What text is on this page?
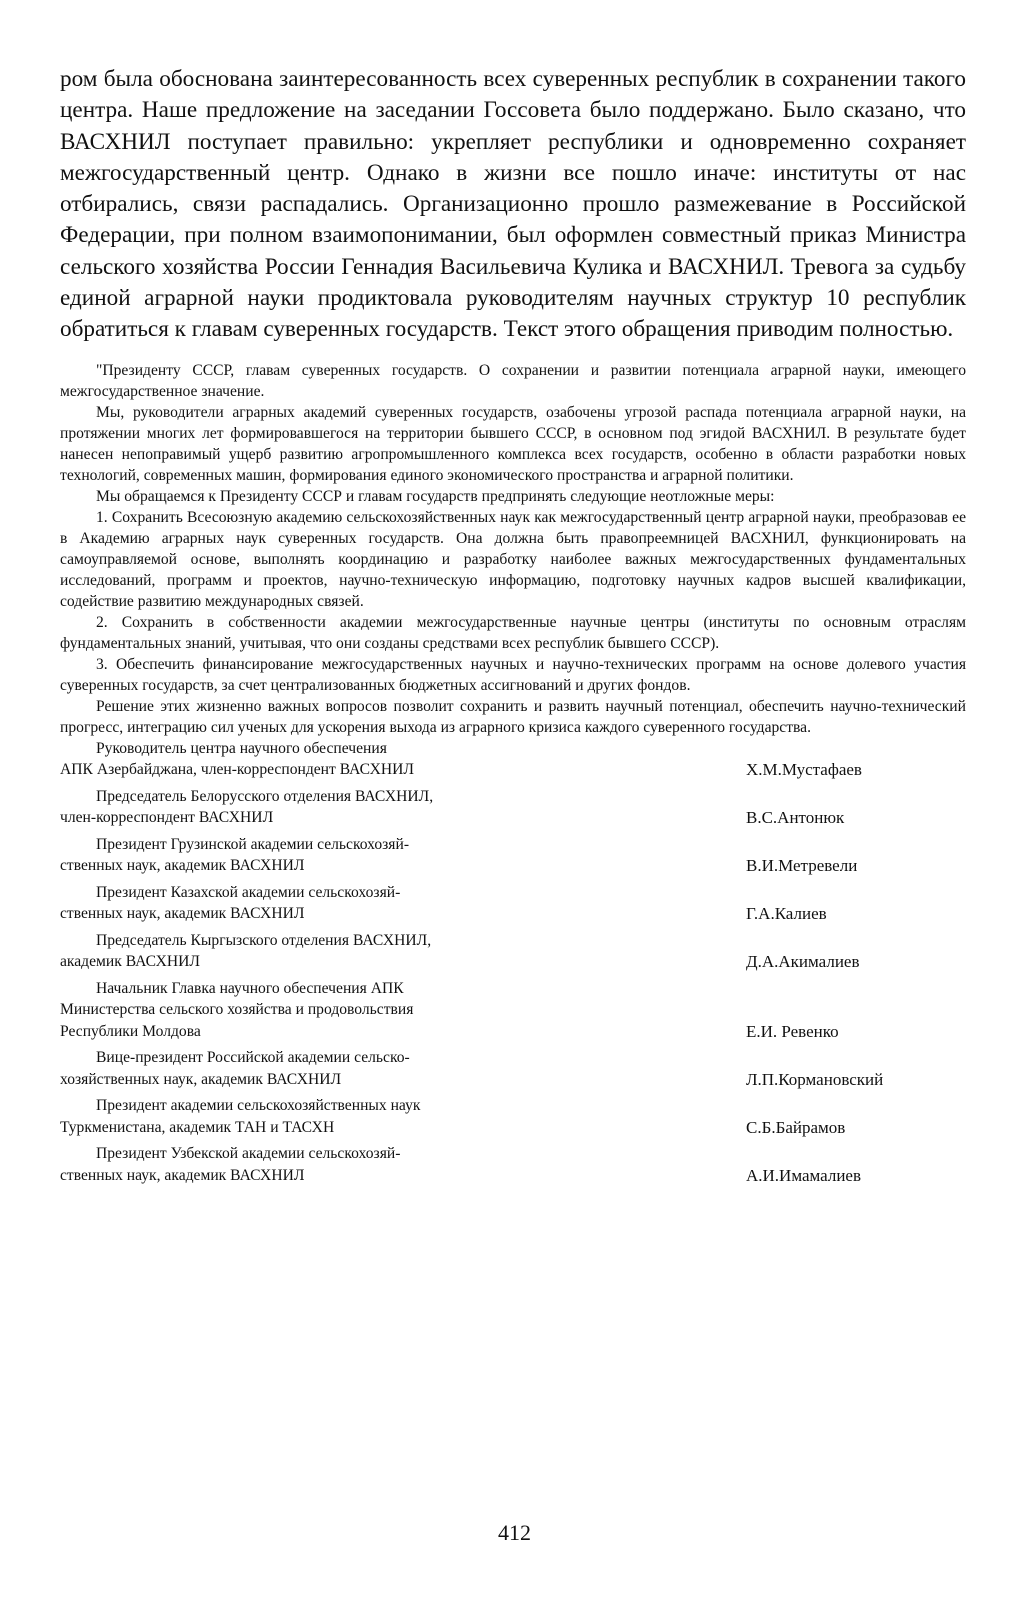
ром была обоснована заинтересованность всех суверенных республик в сохранении такого центра. Наше предложение на заседании Госсовета было поддержано. Было сказано, что ВАСХНИЛ поступает правильно: укрепляет республики и одновременно сохраняет межгосударственный центр. Однако в жизни все пошло иначе: институты от нас отбирались, связи распадались. Организационно прошло размежевание в Российской Федерации, при полном взаимопонимании, был оформлен совместный приказ Министра сельского хозяйства России Геннадия Васильевича Кулика и ВАСХНИЛ. Тревога за судьбу единой аграрной науки продиктовала руководителям научных структур 10 республик обратиться к главам суверенных государств. Текст этого обращения приводим полностью.

"Президенту СССР, главам суверенных государств. О сохранении и развитии потенциала аграрной науки, имеющего межгосударственное значение.

Мы, руководители аграрных академий суверенных государств, озабочены угрозой распада потенциала аграрной науки, на протяжении многих лет формировавшегося на территории бывшего СССР, в основном под эгидой ВАСХНИЛ. В результате будет нанесен непоправимый ущерб развитию агропромышленного комплекса всех государств, особенно в области разработки новых технологий, современных машин, формирования единого экономического пространства и аграрной политики.

Мы обращаемся к Президенту СССР и главам государств предпринять следующие неотложные меры:

1. Сохранить Всесоюзную академию сельскохозяйственных наук как межгосударственный центр аграрной науки, преобразовав ее в Академию аграрных наук суверенных государств. Она должна быть правопреемницей ВАСХНИЛ, функционировать на самоуправляемой основе, выполнять координацию и разработку наиболее важных межгосударственных фундаментальных исследований, программ и проектов, научно-техническую информацию, подготовку научных кадров высшей квалификации, содействие развитию международных связей.

2. Сохранить в собственности академии межгосударственные научные центры (институты по основным отраслям фундаментальных знаний, учитывая, что они созданы средствами всех республик бывшего СССР).

3. Обеспечить финансирование межгосударственных научных и научно-технических программ на основе долевого участия суверенных государств, за счет централизованных бюджетных ассигнований и других фондов.

Решение этих жизненно важных вопросов позволит сохранить и развить научный потенциал, обеспечить научно-технический прогресс, интеграцию сил ученых для ускорения выхода из аграрного кризиса каждого суверенного государства.

Руководитель центра научного обеспечения
АПК Азербайджана, член-корреспондент ВАСХНИЛ	Х.М.Мустафаев
Председатель Белорусского отделения ВАСХНИЛ,
член-корреспондент ВАСХНИЛ	В.С.Антонюк
Президент Грузинской академии сельскохозяй-
ственных наук, академик ВАСХНИЛ	В.И.Метревели
Президент Казахской академии сельскохозяй-
ственных наук, академик ВАСХНИЛ	Г.А.Калиев
Председатель Кыргызского отделения ВАСХНИЛ,
академик ВАСХНИЛ	Д.А.Акималиев
Начальник Главка научного обеспечения АПК
Министерства сельского хозяйства и продовольствия
Республики Молдова	Е.И. Ревенко
Вице-президент Российской академии сельско-
хозяйственных наук, академик ВАСХНИЛ	Л.П.Кормановский
Президент академии сельскохозяйственных наук
Туркменистана, академик ТАН и ТАСХН	С.Б.Байрамов
Президент Узбекской академии сельскохозяй-
ственных наук, академик ВАСХНИЛ	А.И.Имамалиев
412
